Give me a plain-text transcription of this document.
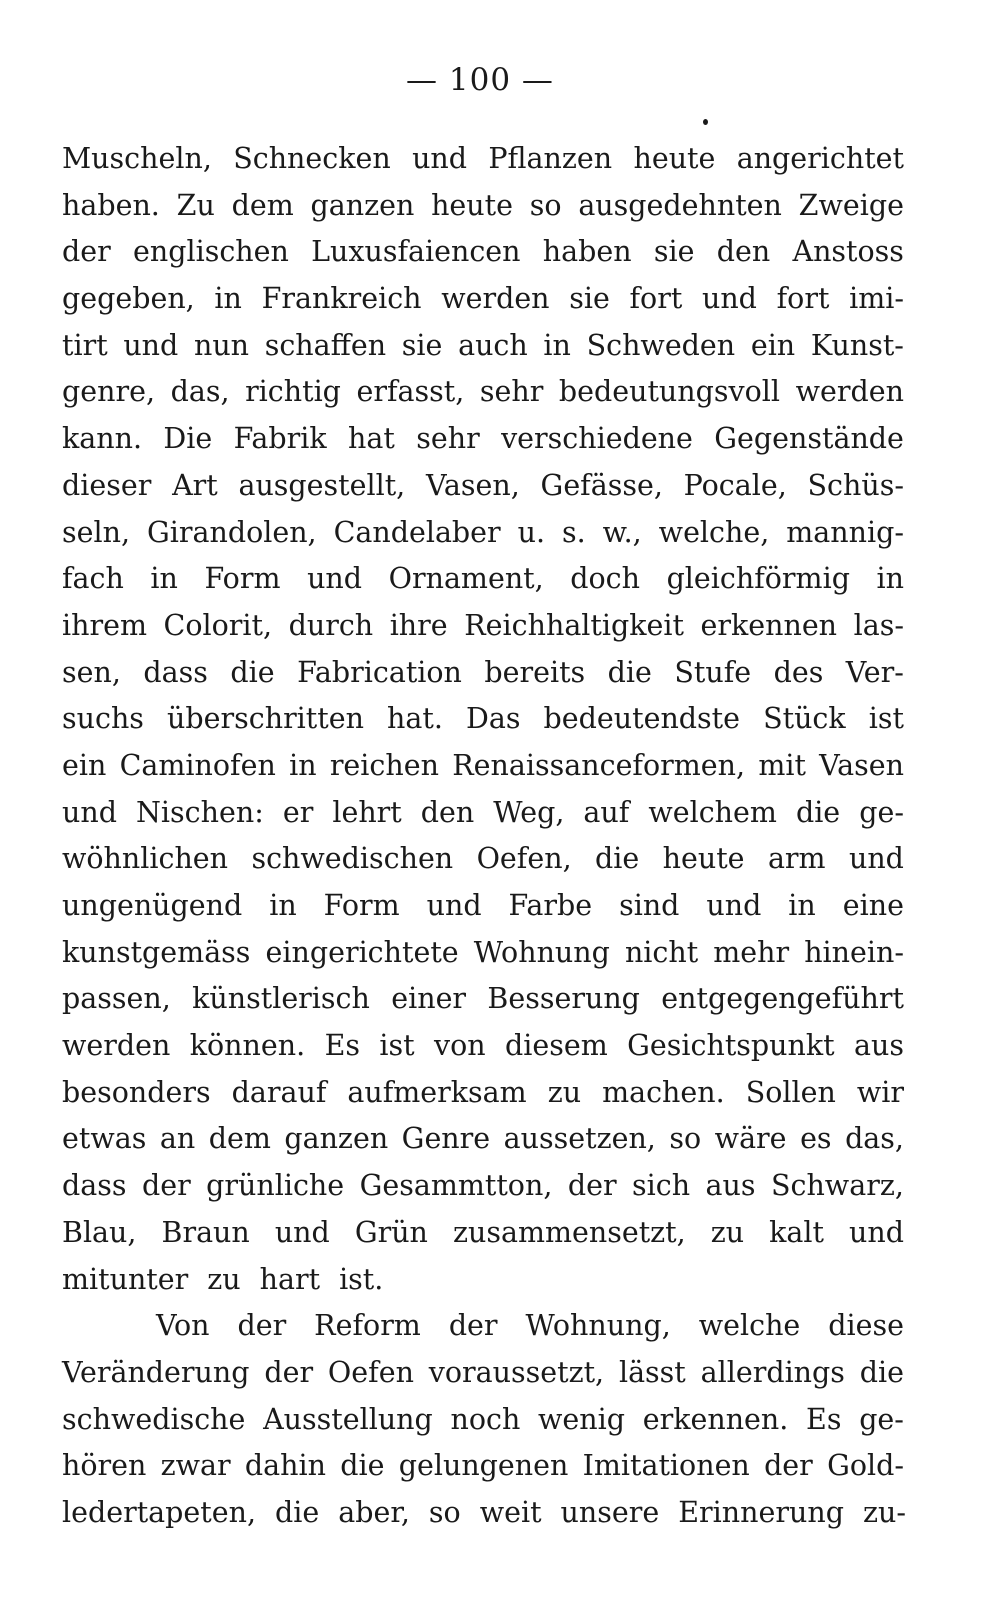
— 100 —
Muscheln, Schnecken und Pflanzen heute angerichtet
haben. Zu dem ganzen heute so ausgedehnten Zweige
der englischen Luxusfaiencen haben sie den Anstoss
gegeben, in Frankreich werden sie fort und fort imi-
tirt und nun schaffen sie auch in Schweden ein Kunst-
genre, das, richtig erfasst, sehr bedeutungsvoll werden
kann. Die Fabrik hat sehr verschiedene Gegenstände
dieser Art ausgestellt, Vasen, Gefässe, Pocale, Schüs-
seln, Girandolen, Candelaber u. s. w., welche, mannig-
fach in Form und Ornament, doch gleichförmig in
ihrem Colorit, durch ihre Reichhaltigkeit erkennen las-
sen, dass die Fabrication bereits die Stufe des Ver-
suchs überschritten hat. Das bedeutendste Stück ist
ein Caminofen in reichen Renaissanceformen, mit Vasen
und Nischen: er lehrt den Weg, auf welchem die ge-
wöhnlichen schwedischen Oefen, die heute arm und
ungenügend in Form und Farbe sind und in eine
kunstgemäss eingerichtete Wohnung nicht mehr hinein-
passen, künstlerisch einer Besserung entgegengeführt
werden können. Es ist von diesem Gesichtspunkt aus
besonders darauf aufmerksam zu machen. Sollen wir
etwas an dem ganzen Genre aussetzen, so wäre es das,
dass der grünliche Gesammtton, der sich aus Schwarz,
Blau, Braun und Grün zusammensetzt, zu kalt und
mitunter zu hart ist.
Von der Reform der Wohnung, welche diese
Veränderung der Oefen voraussetzt, lässt allerdings die
schwedische Ausstellung noch wenig erkennen. Es ge-
hören zwar dahin die gelungenen Imitationen der Gold-
ledertapeten, die aber, so weit unsere Erinnerung zu-
